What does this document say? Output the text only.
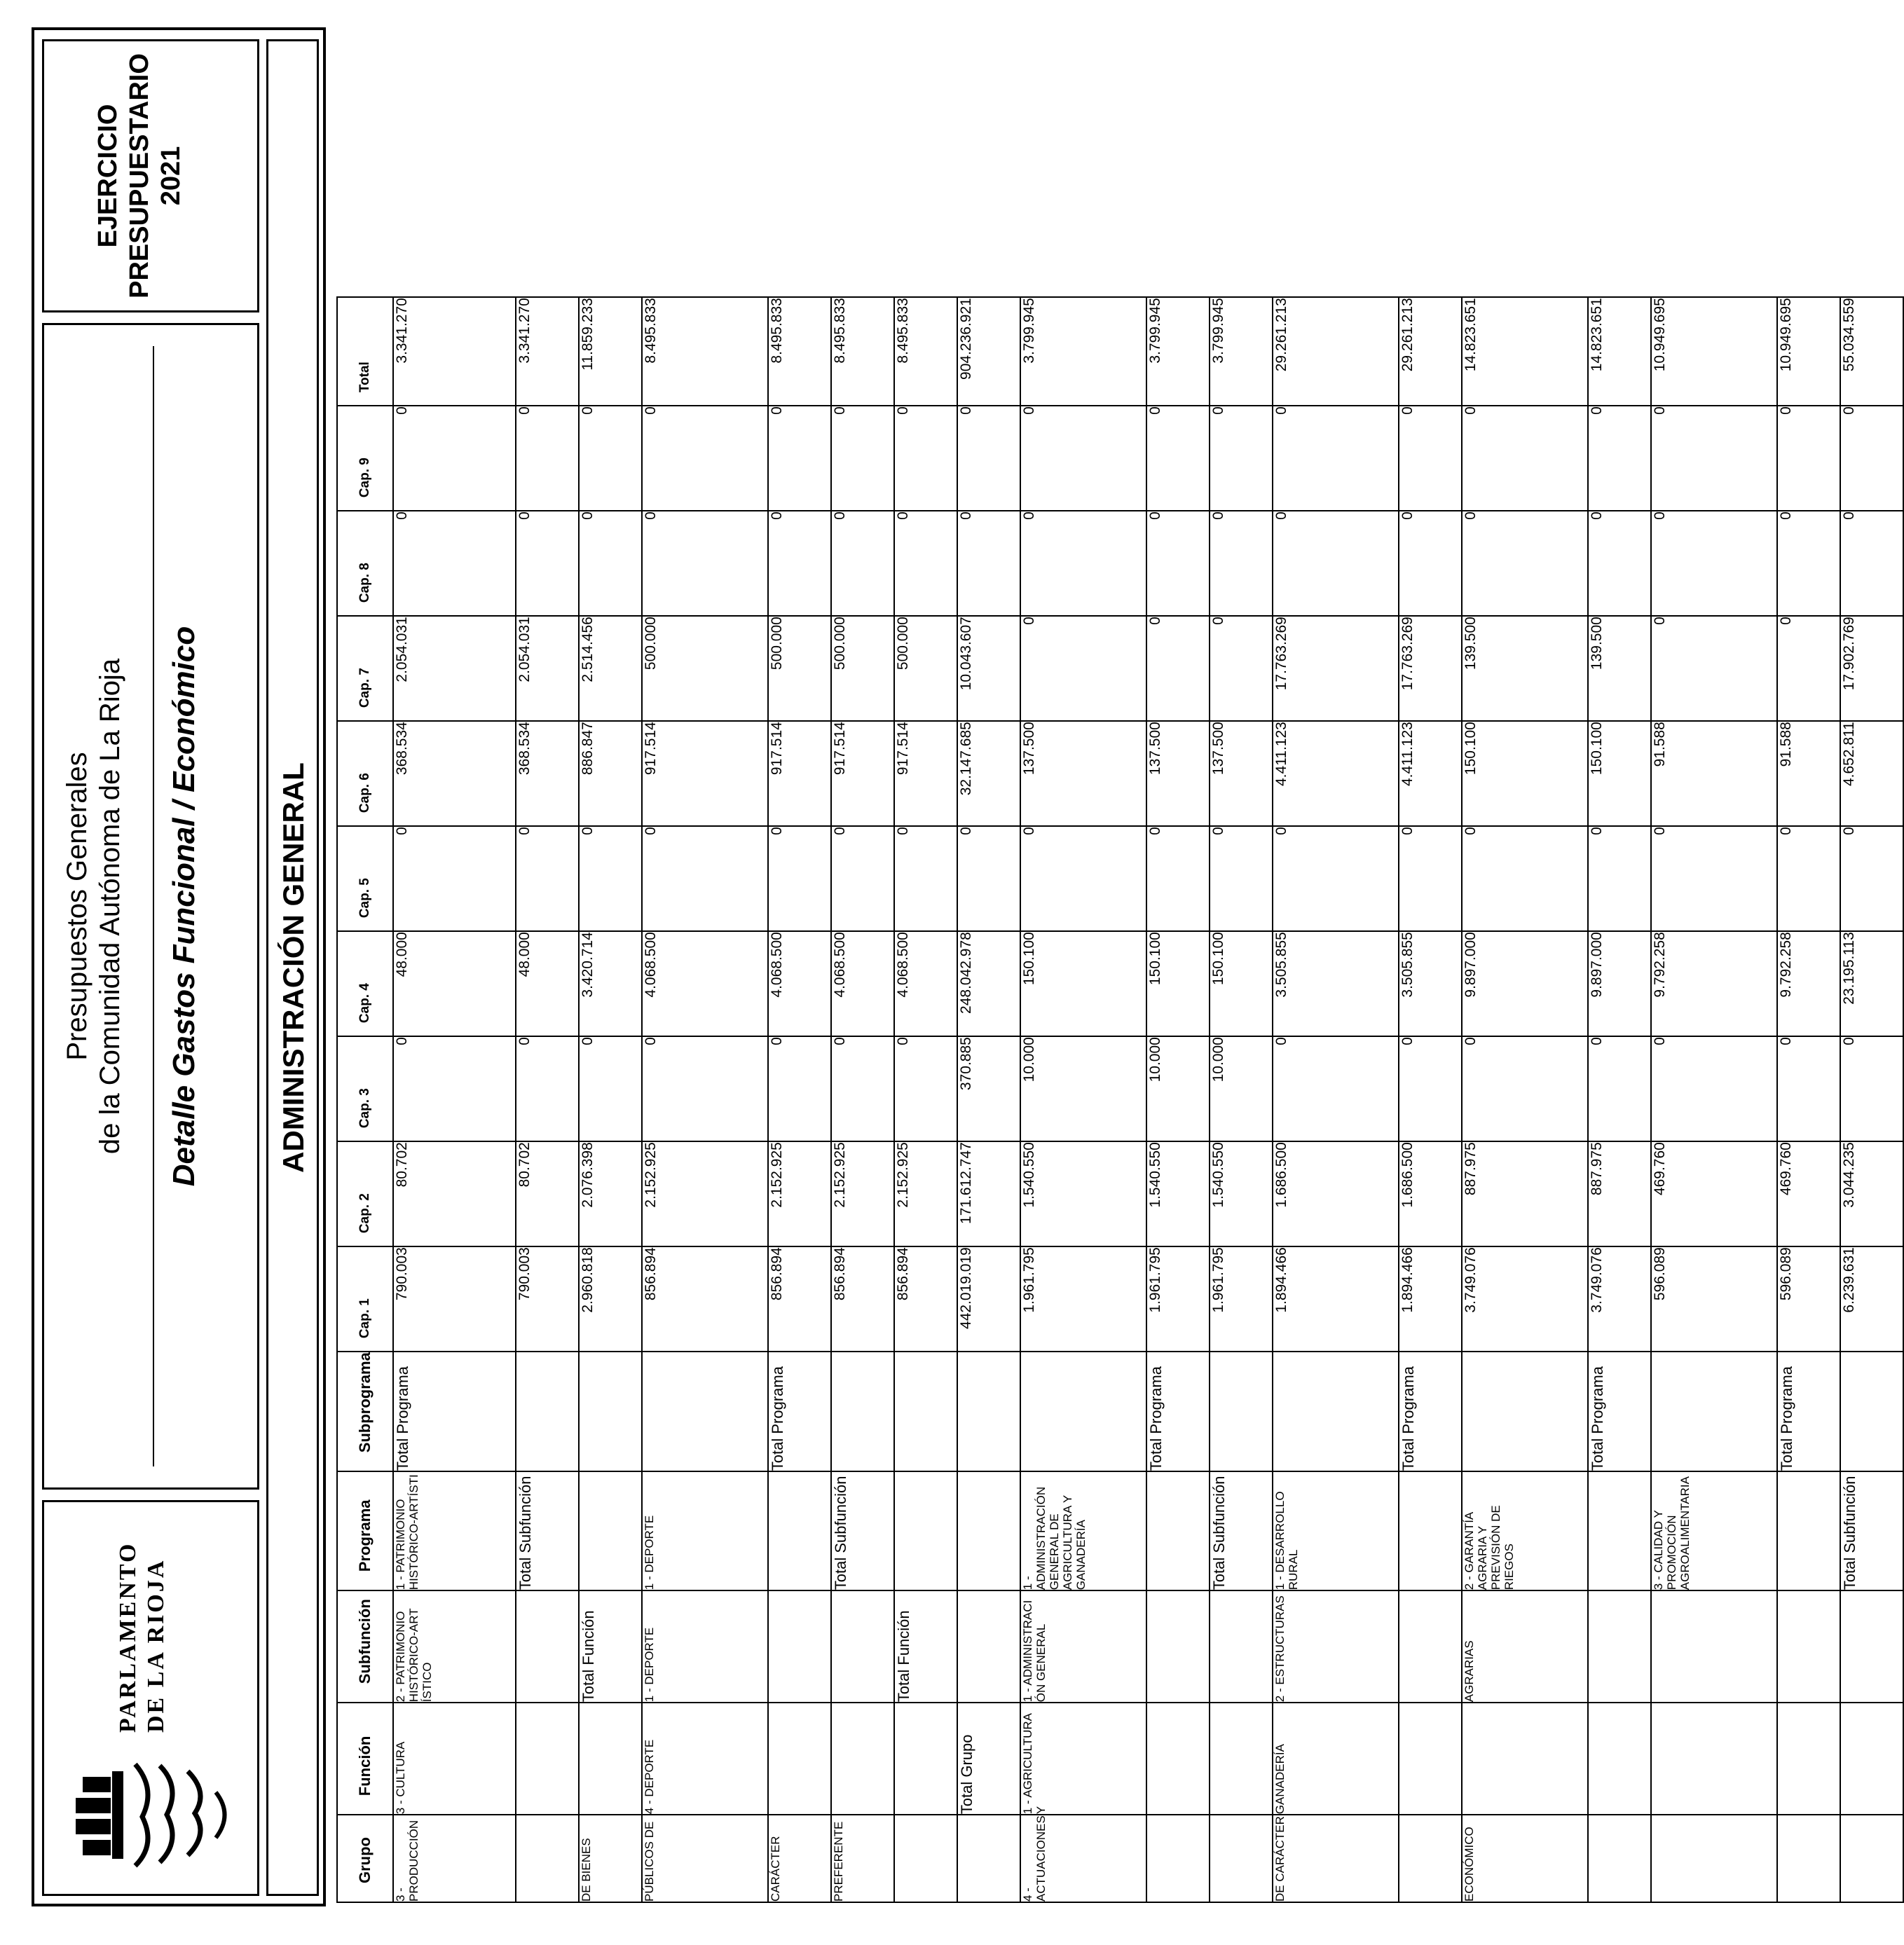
PARLAMENTO DE LA RIOJA
Presupuestos Generales de la Comunidad Autónoma de La Rioja Detalle Gastos Funcional / Económico
EJERCICIO PRESUPUESTARIO 2021
ADMINISTRACIÓN GENERAL
Grupo	Función	Subfunción	Programa	Subprograma	Cap. 1	Cap. 2	Cap. 3	Cap. 4	Cap. 5	Cap. 6	Cap. 7	Cap. 8	Cap. 9	Total
3 - PRODUCCIÓN	3 - CULTURA	2 - PATRIMONIO HISTÓRICO-ART ÍSTICO	1 - PATRIMONIO HISTÓRICO-ARTÍSTI	Total Programa	790.003	80.702	0	48.000	0	368.534	2.054.031	0	0	3.341.270
			Total Subfunción		790.003	80.702	0	48.000	0	368.534	2.054.031	0	0	3.341.270
DE BIENES		Total Función			2.960.818	2.076.398	0	3.420.714	0	886.847	2.514.456	0	0	11.859.233
PÚBLICOS DE	4 - DEPORTE	1 - DEPORTE	1 - DEPORTE		856.894	2.152.925	0	4.068.500	0	917.514	500.000	0	0	8.495.833
CARÁCTER				Total Programa	856.894	2.152.925	0	4.068.500	0	917.514	500.000	0	0	8.495.833
PREFERENTE			Total Subfunción		856.894	2.152.925	0	4.068.500	0	917.514	500.000	0	0	8.495.833
		Total Función			856.894	2.152.925	0	4.068.500	0	917.514	500.000	0	0	8.495.833
	Total Grupo				442.019.019	171.612.747	370.885	248.042.978	0	32.147.685	10.043.607	0	0	904.236.921
4 - ACTUACIONES	1 - AGRICULTURA Y	1 - ADMINISTRACI ÓN GENERAL	1 - ADMINISTRACIÓN GENERAL DE AGRICULTURA Y GANADERÍA		1.961.795	1.540.550	10.000	150.100	0	137.500	0	0	0	3.799.945
				Total Programa	1.961.795	1.540.550	10.000	150.100	0	137.500	0	0	0	3.799.945
			Total Subfunción		1.961.795	1.540.550	10.000	150.100	0	137.500	0	0	0	3.799.945
DE CARÁCTER	GANADERÍA	2 - ESTRUCTURAS	1 - DESARROLLO RURAL		1.894.466	1.686.500	0	3.505.855	0	4.411.123	17.763.269	0	0	29.261.213
				Total Programa	1.894.466	1.686.500	0	3.505.855	0	4.411.123	17.763.269	0	0	29.261.213
ECONÓMICO		AGRARIAS	2 - GARANTÍA AGRARIA Y PREVISIÓN DE RIEGOS		3.749.076	887.975	0	9.897.000	0	150.100	139.500	0	0	14.823.651
				Total Programa	3.749.076	887.975	0	9.897.000	0	150.100	139.500	0	0	14.823.651
			3 - CALIDAD Y PROMOCIÓN AGROALIMENTARIA		596.089	469.760	0	9.792.258	0	91.588	0	0	0	10.949.695
				Total Programa	596.089	469.760	0	9.792.258	0	91.588	0	0	0	10.949.695
			Total Subfunción		6.239.631	3.044.235	0	23.195.113	0	4.652.811	17.902.769	0	0	55.034.559
